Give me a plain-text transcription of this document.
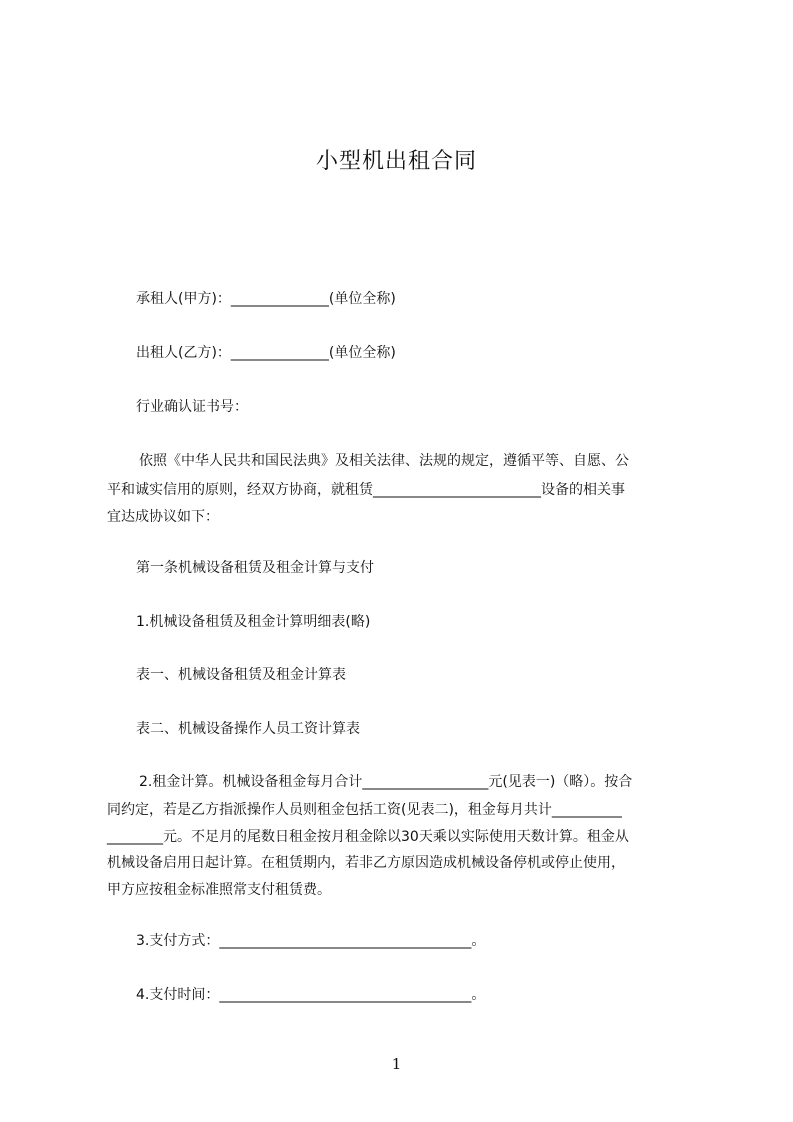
小型机出租合同
承租人(甲方)：______________(单位全称)
出租人(乙方)：______________(单位全称)
行业确认证书号：
依照《中华人民共和国民法典》及相关法律、法规的规定，遵循平等、自愿、公
平和诚实信用的原则，经双方协商，就租赁________________________设备的相关事
宜达成协议如下：
第一条机械设备租赁及租金计算与支付
1.机械设备租赁及租金计算明细表(略)
表一、机械设备租赁及租金计算表
表二、机械设备操作人员工资计算表
2.租金计算。机械设备租金每月合计__________________元(见表一)（略）。按合
同约定，若是乙方指派操作人员则租金包括工资(见表二)，租金每月共计__________
________元。不足月的尾数日租金按月租金除以30天乘以实际使用天数计算。租金从
机械设备启用日起计算。在租赁期内，若非乙方原因造成机械设备停机或停止使用，
甲方应按租金标准照常支付租赁费。
3.支付方式：____________________________________。
4.支付时间：____________________________________。
1
